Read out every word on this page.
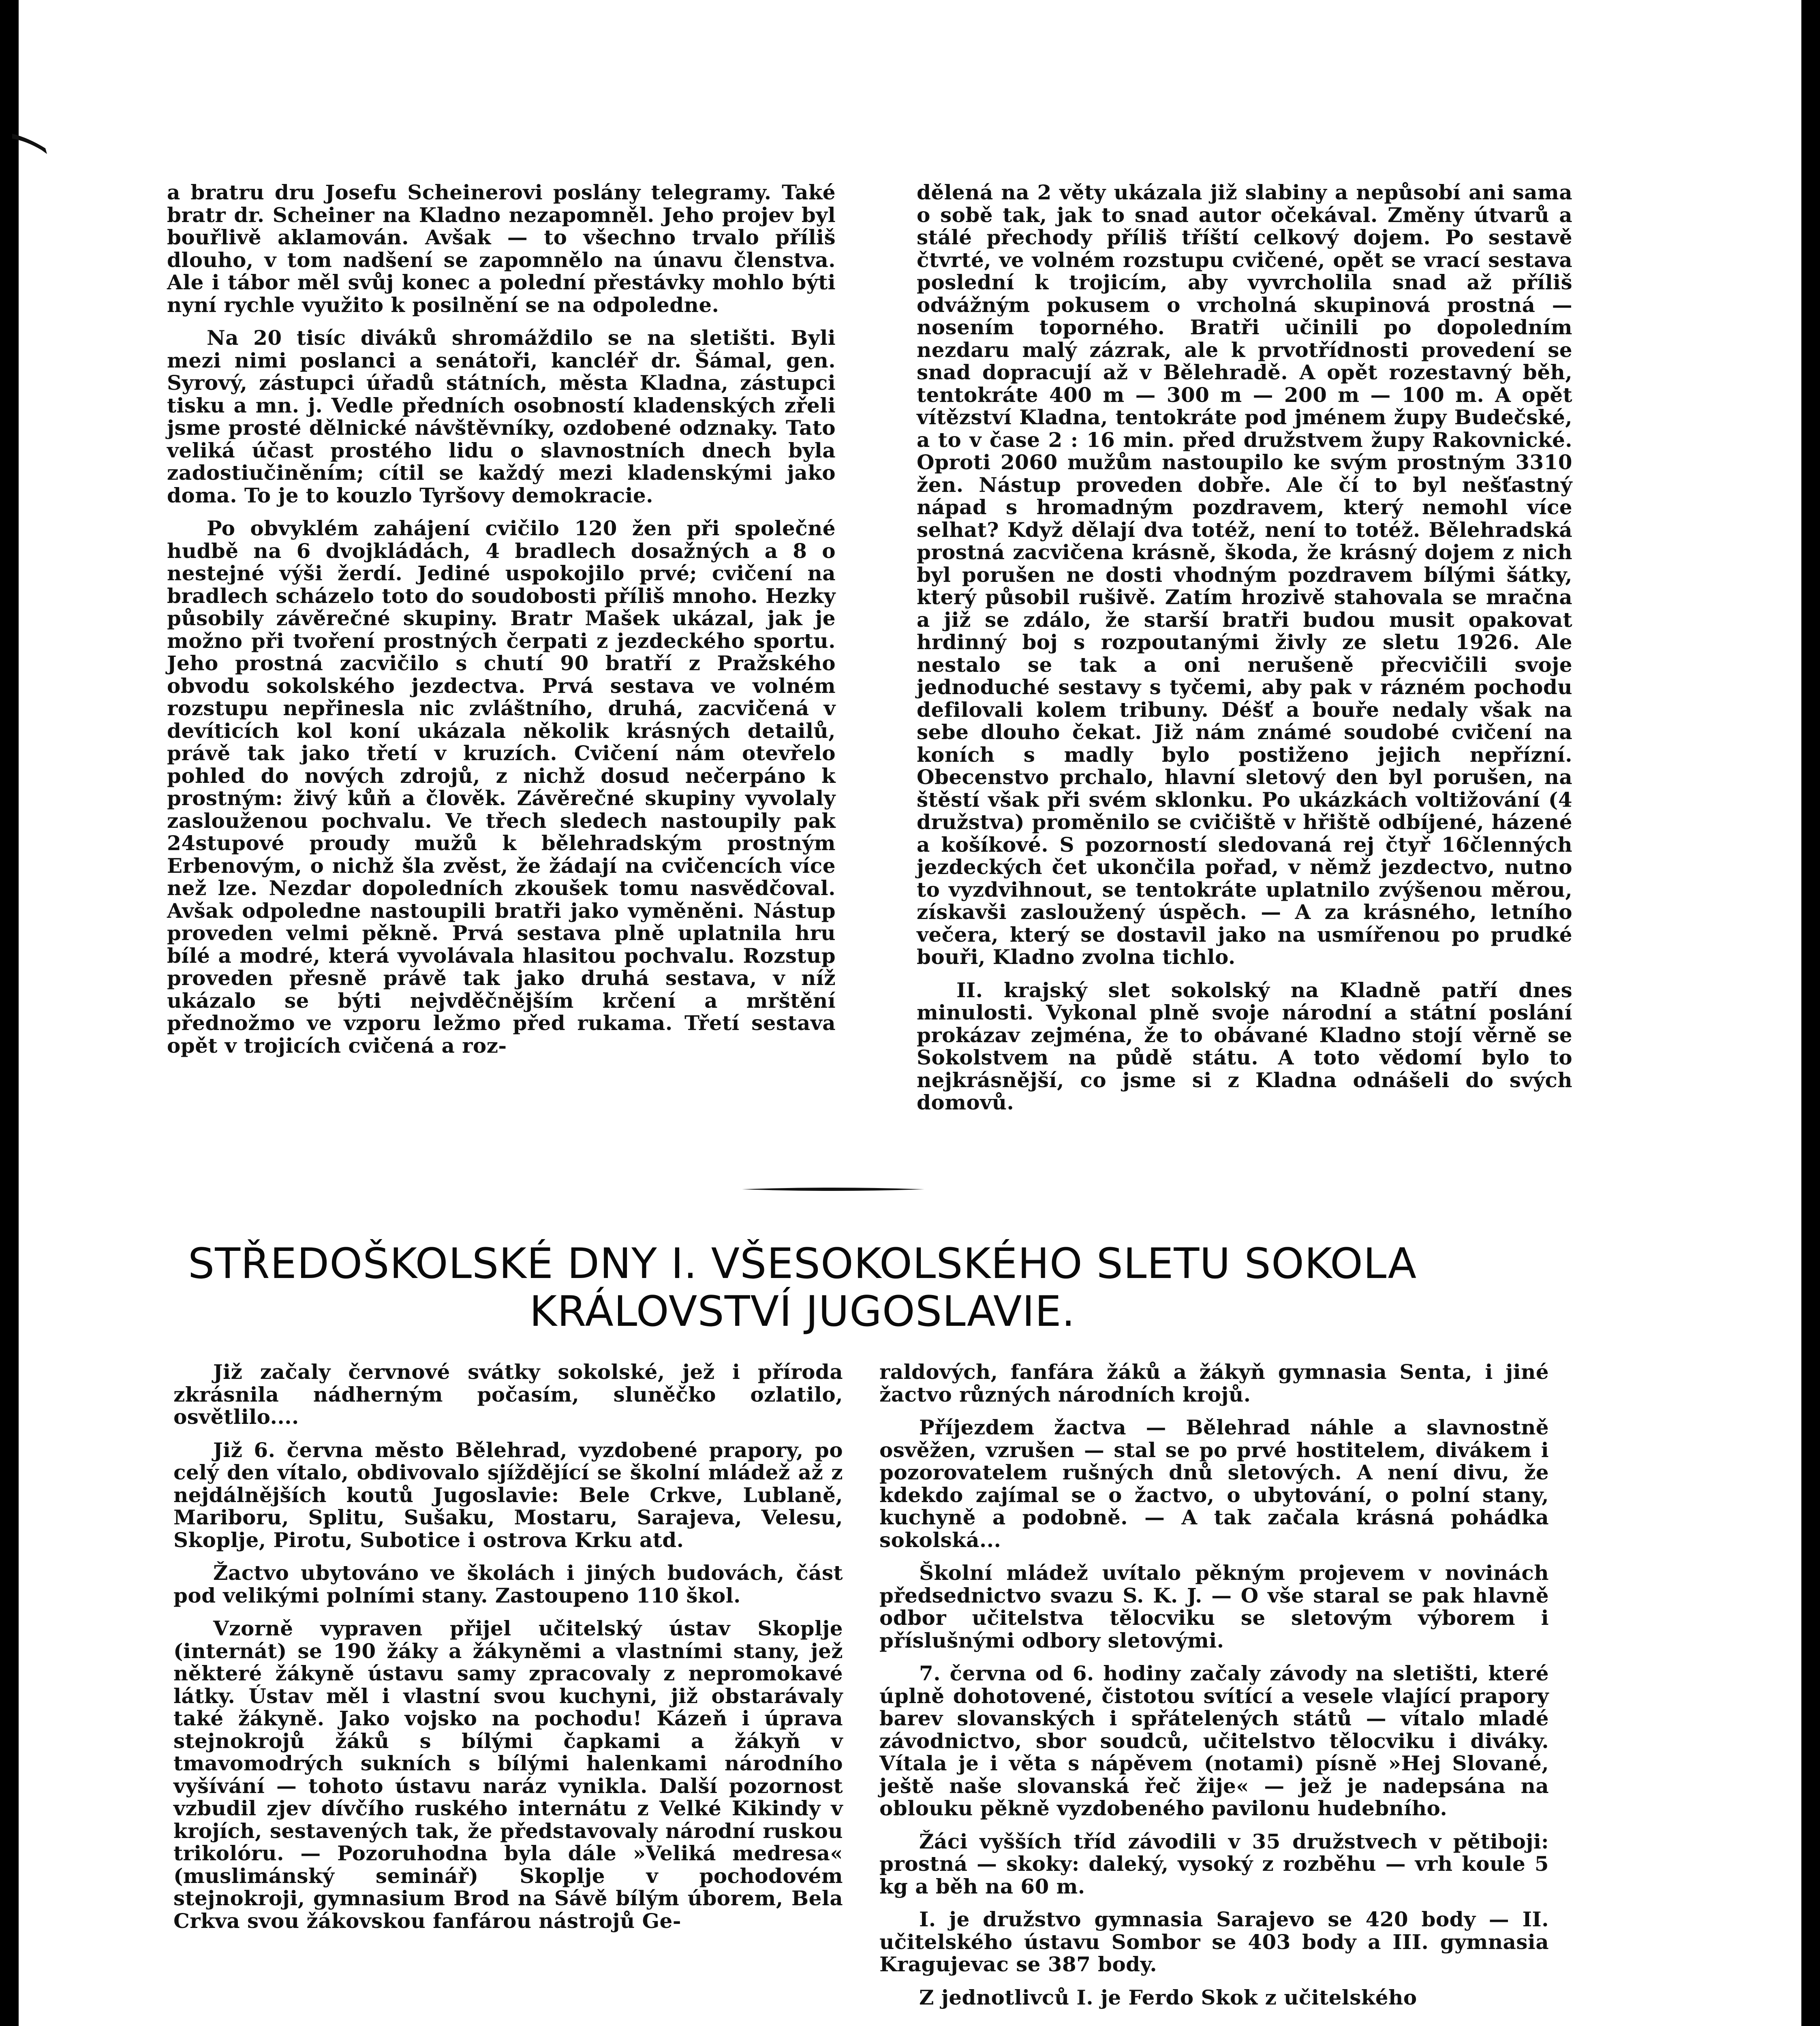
a bratru dru Josefu Scheinerovi poslány telegramy. Také bratr dr. Scheiner na Kladno nezapomněl. Jeho projev byl bouřlivě aklamován. Avšak — to všechno trvalo příliš dlouho, v tom nadšení se zapomnělo na únavu členstva. Ale i tábor měl svůj konec a polední přestávky mohlo býti nyní rychle využito k posilnění se na odpoledne.

Na 20 tisíc diváků shromáždilo se na sletišti. Byli mezi nimi poslanci a senátoři, kancléř dr. Šámal, gen. Syrový, zástupci úřadů státních, města Kladna, zástupci tisku a mn. j. Vedle předních osobností kladenských zřeli jsme prosté dělnické návštěvníky, ozdobené odznaky. Tato veliká účast prostého lidu o slavnostních dnech byla zadostiučiněním; cítil se každý mezi kladenskými jako doma. To je to kouzlo Tyršovy demokracie.

Po obvyklém zahájení cvičilo 120 žen při společné hudbě na 6 dvojkládách, 4 bradlech dosažných a 8 o nestejné výši žerdí. Jediné uspokojilo prvé; cvičení na bradlech scházelo toto do soudobosti příliš mnoho. Hezky působily závěrečné skupiny. Bratr Mašek ukázal, jak je možno při tvoření prostných čerpati z jezdeckého sportu. Jeho prostná zacvičilo s chutí 90 bratří z Pražského obvodu sokolského jezdectva. Prvá sestava ve volném rozstupu nepřinesla nic zvláštního, druhá, zacvičená v devíticích kol koní ukázala několik krásných detailů, právě tak jako třetí v kruzích. Cvičení nám otevřelo pohled do nových zdrojů, z nichž dosud nečerpáno k prostným: živý kůň a člověk. Závěrečné skupiny vyvolaly zaslouženou pochvalu. Ve třech sledech nastoupily pak 24stupové proudy mužů k bělehradským prostným Erbenovým, o nichž šla zvěst, že žádají na cvičencích více než lze. Nezdar dopoledních zkoušek tomu nasvědčoval. Avšak odpoledne nastoupili bratři jako vyměněni. Nástup proveden velmi pěkně. Prvá sestava plně uplatnila hru bílé a modré, která vyvolávala hlasitou pochvalu. Rozstup proveden přesně právě tak jako druhá sestava, v níž ukázalo se býti nejvděčnějším krčení a mrštění přednožmo ve vzporu ležmo před rukama. Třetí sestava opět v trojicích cvičená a roz-

dělená na 2 věty ukázala již slabiny a nepůsobí ani sama o sobě tak, jak to snad autor očekával. Změny útvarů a stálé přechody příliš tříští celkový dojem. Po sestavě čtvrté, ve volném rozstupu cvičené, opět se vrací sestava poslední k trojicím, aby vyvrcholila snad až příliš odvážným pokusem o vrcholná skupinová prostná — nosením toporného. Bratři učinili po dopoledním nezdaru malý zázrak, ale k prvotřídnosti provedení se snad dopracují až v Bělehradě. A opět rozestavný běh, tentokráte 400 m — 300 m — 200 m — 100 m. A opět vítězství Kladna, tentokráte pod jménem župy Budečské, a to v čase 2 : 16 min. před družstvem župy Rakovnické. Oproti 2060 mužům nastoupilo ke svým prostným 3310 žen. Nástup proveden dobře. Ale čí to byl nešťastný nápad s hromadným pozdravem, který nemohl více selhat? Když dělají dva totéž, není to totéž. Bělehradská prostná zacvičena krásně, škoda, že krásný dojem z nich byl porušen ne dosti vhodným pozdravem bílými šátky, který působil rušivě. Zatím hrozivě stahovala se mračna a již se zdálo, že starší bratři budou musit opakovat hrdinný boj s rozpoutanými živly ze sletu 1926. Ale nestalo se tak a oni nerušeně přecvičili svoje jednoduché sestavy s tyčemi, aby pak v rázném pochodu defilovali kolem tribuny. Déšť a bouře nedaly však na sebe dlouho čekat. Již nám známé soudobé cvičení na koních s madly bylo postiženo jejich nepřízní. Obecenstvo prchalo, hlavní sletový den byl porušen, na štěstí však při svém sklonku. Po ukázkách voltižování (4 družstva) proměnilo se cvičiště v hřiště odbíjené, házené a košíkové. S pozorností sledovaná rej čtyř 16členných jezdeckých čet ukončila pořad, v němž jezdectvo, nutno to vyzdvihnout, se tentokráte uplatnilo zvýšenou měrou, získavši zasloužený úspěch. — A za krásného, letního večera, který se dostavil jako na usmířenou po prudké bouři, Kladno zvolna tichlo.

II. krajský slet sokolský na Kladně patří dnes minulosti. Vykonal plně svoje národní a státní poslání prokázav zejména, že to obávané Kladno stojí věrně se Sokolstvem na půdě státu. A toto vědomí bylo to nejkrásnější, co jsme si z Kladna odnášeli do svých domovů.

STŘEDOŠKOLSKÉ DNY I. VŠESOKOLSKÉHO SLETU SOKOLA
KRÁLOVSTVÍ JUGOSLAVIE.

Již začaly červnové svátky sokolské, jež i příroda zkrásnila nádherným počasím, sluněčko ozlatilo, osvětlilo....

Již 6. června město Bělehrad, vyzdobené prapory, po celý den vítalo, obdivovalo sjíždějící se školní mládež až z nejdálnějších koutů Jugoslavie: Bele Crkve, Lublaně, Mariboru, Splitu, Sušaku, Mostaru, Sarajeva, Velesu, Skoplje, Pirotu, Subotice i ostrova Krku atd.

Žactvo ubytováno ve školách i jiných budovách, část pod velikými polními stany. Zastoupeno 110 škol.

Vzorně vypraven přijel učitelský ústav Skoplje (internát) se 190 žáky a žákyněmi a vlastními stany, jež některé žákyně ústavu samy zpracovaly z nepromokavé látky. Ústav měl i vlastní svou kuchyni, již obstarávaly také žákyně. Jako vojsko na pochodu! Kázeň i úprava stejnokrojů žáků s bílými čapkami a žákyň v tmavomodrých sukních s bílými halenkami národního vyšívání — tohoto ústavu naráz vynikla. Další pozornost vzbudil zjev dívčího ruského internátu z Velké Kikindy v krojích, sestavených tak, že představovaly národní ruskou trikolóru. — Pozoruhodna byla dále »Veliká medresa« (muslimánský seminář) Skoplje v pochodovém stejnokroji, gymnasium Brod na Sávě bílým úborem, Bela Crkva svou žákovskou fanfárou nástrojů Ge-

raldových, fanfára žáků a žákyň gymnasia Senta, i jiné žactvo různých národních krojů.

Příjezdem žactva — Bělehrad náhle a slavnostně osvěžen, vzrušen — stal se po prvé hostitelem, divákem i pozorovatelem rušných dnů sletových. A není divu, že kdekdo zajímal se o žactvo, o ubytování, o polní stany, kuchyně a podobně. — A tak začala krásná pohádka sokolská...

Školní mládež uvítalo pěkným projevem v novinách předsednictvo svazu S. K. J. — O vše staral se pak hlavně odbor učitelstva tělocviku se sletovým výborem i příslušnými odbory sletovými.

7. června od 6. hodiny začaly závody na sletišti, které úplně dohotovené, čistotou svítící a vesele vlající prapory barev slovanských i spřátelených států — vítalo mladé závodnictvo, sbor soudců, učitelstvo tělocviku i diváky. Vítala je i věta s nápěvem (notami) písně »Hej Slované, ještě naše slovanská řeč žije« — jež je nadepsána na oblouku pěkně vyzdobeného pavilonu hudebního.

Žáci vyšších tříd závodili v 35 družstvech v pětiboji: prostná — skoky: daleký, vysoký z rozběhu — vrh koule 5 kg a běh na 60 m.

I. je družstvo gymnasia Sarajevo se 420 body — II. učitelského ústavu Sombor se 403 body a III. gymnasia Kragujevac se 387 body.

Z jednotlivců I. je Ferdo Skok z učitelského
